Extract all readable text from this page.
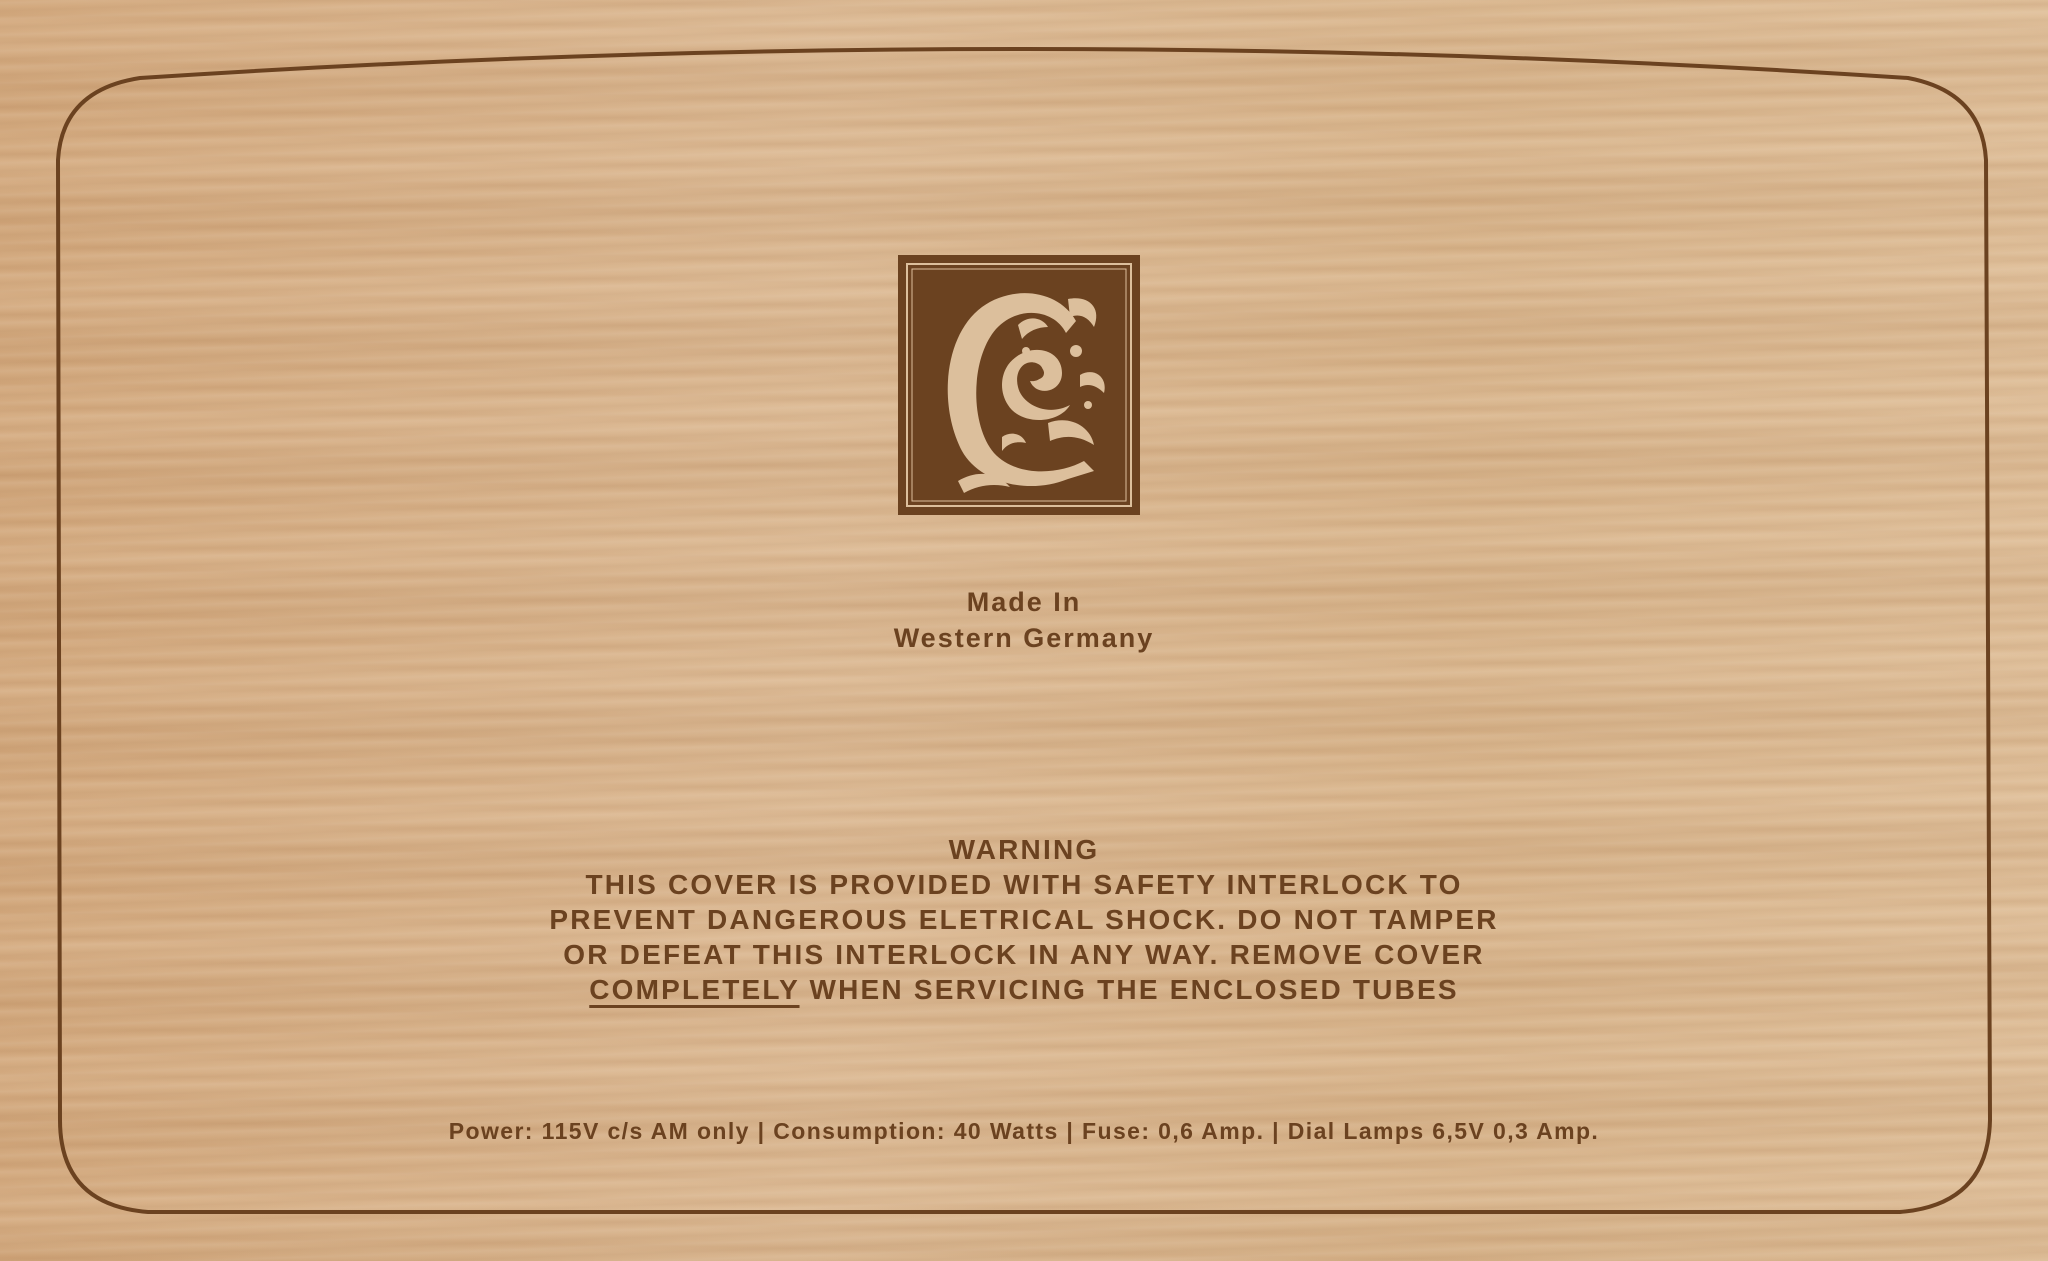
Made In
Western Germany
WARNING
THIS COVER IS PROVIDED WITH SAFETY INTERLOCK TO
PREVENT DANGEROUS ELETRICAL SHOCK. DO NOT TAMPER
OR DEFEAT THIS INTERLOCK IN ANY WAY. REMOVE COVER
COMPLETELY WHEN SERVICING THE ENCLOSED TUBES
Power: 115V c/s AM only | Consumption: 40 Watts | Fuse: 0,6 Amp. | Dial Lamps 6,5V 0,3 Amp.
